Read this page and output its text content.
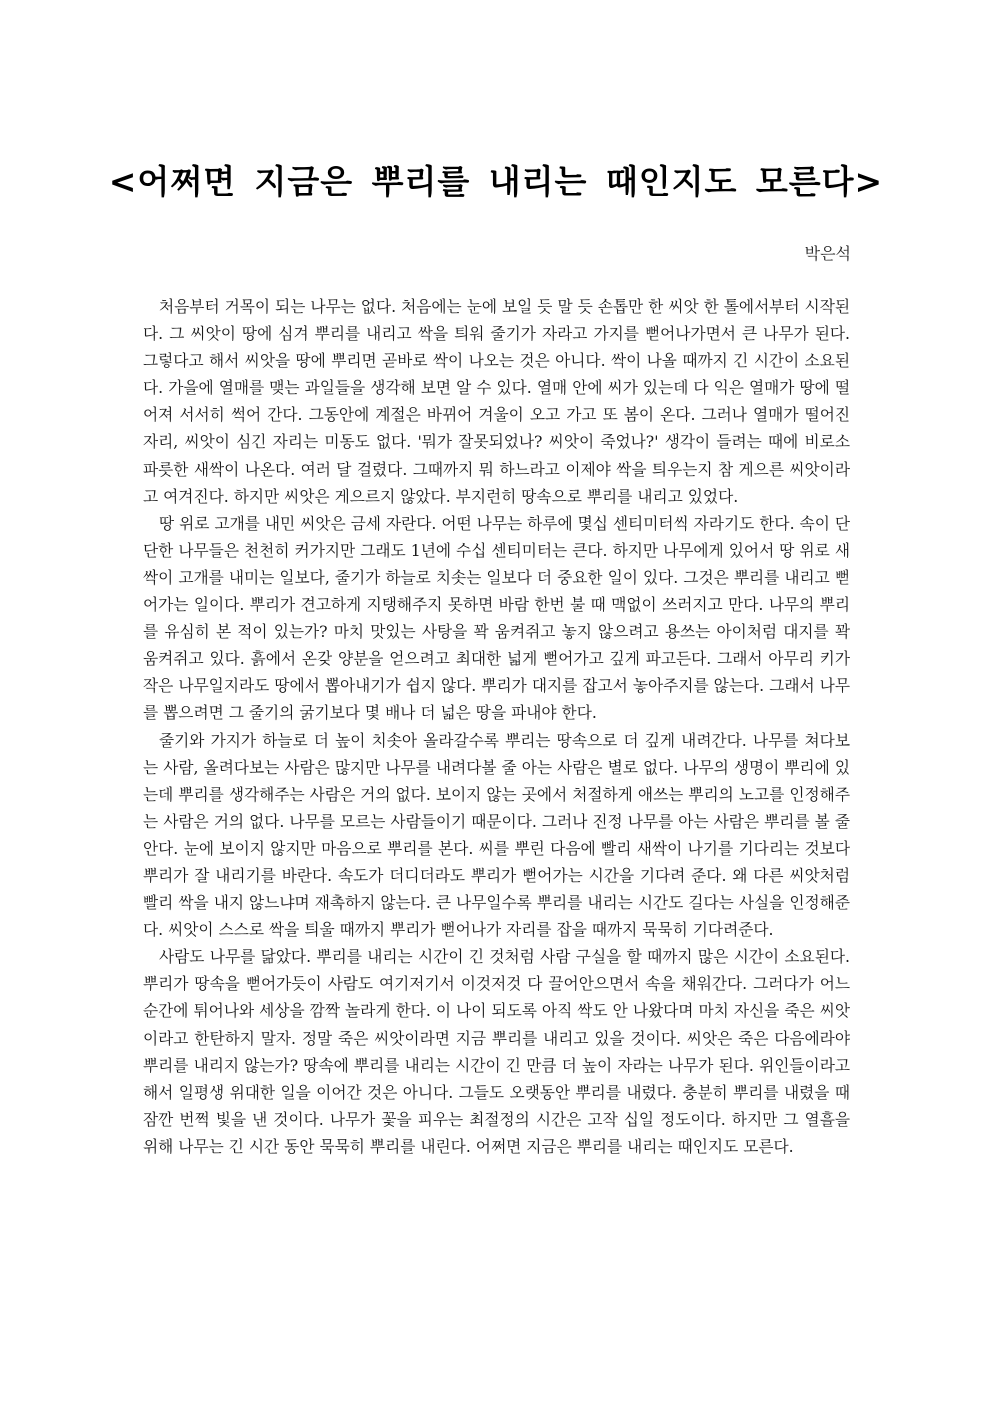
<어쩌면 지금은 뿌리를 내리는 때인지도 모른다>
박은석

처음부터 거목이 되는 나무는 없다. 처음에는 눈에 보일 듯 말 듯 손톱만 한 씨앗 한 톨에서부터 시작된다. 그 씨앗이 땅에 심겨 뿌리를 내리고 싹을 틔워 줄기가 자라고 가지를 뻗어나가면서 큰 나무가 된다. 그렇다고 해서 씨앗을 땅에 뿌리면 곧바로 싹이 나오는 것은 아니다. 싹이 나올 때까지 긴 시간이 소요된다. 가을에 열매를 맺는 과일들을 생각해 보면 알 수 있다. 열매 안에 씨가 있는데 다 익은 열매가 땅에 떨어져 서서히 썩어 간다. 그동안에 계절은 바뀌어 겨울이 오고 가고 또 봄이 온다. 그러나 열매가 떨어진 자리, 씨앗이 심긴 자리는 미동도 없다. '뭐가 잘못되었나? 씨앗이 죽었나?' 생각이 들려는 때에 비로소 파릇한 새싹이 나온다. 여러 달 걸렸다. 그때까지 뭐 하느라고 이제야 싹을 틔우는지 참 게으른 씨앗이라고 여겨진다. 하지만 씨앗은 게으르지 않았다. 부지런히 땅속으로 뿌리를 내리고 있었다.

땅 위로 고개를 내민 씨앗은 금세 자란다. 어떤 나무는 하루에 몇십 센티미터씩 자라기도 한다. 속이 단단한 나무들은 천천히 커가지만 그래도 1년에 수십 센티미터는 큰다. 하지만 나무에게 있어서 땅 위로 새싹이 고개를 내미는 일보다, 줄기가 하늘로 치솟는 일보다 더 중요한 일이 있다. 그것은 뿌리를 내리고 뻗어가는 일이다. 뿌리가 견고하게 지탱해주지 못하면 바람 한번 불 때 맥없이 쓰러지고 만다. 나무의 뿌리를 유심히 본 적이 있는가? 마치 맛있는 사탕을 꽉 움켜쥐고 놓지 않으려고 용쓰는 아이처럼 대지를 꽉 움켜쥐고 있다. 흙에서 온갖 양분을 얻으려고 최대한 넓게 뻗어가고 깊게 파고든다. 그래서 아무리 키가 작은 나무일지라도 땅에서 뽑아내기가 쉽지 않다. 뿌리가 대지를 잡고서 놓아주지를 않는다. 그래서 나무를 뽑으려면 그 줄기의 굵기보다 몇 배나 더 넓은 땅을 파내야 한다.

줄기와 가지가 하늘로 더 높이 치솟아 올라갈수록 뿌리는 땅속으로 더 깊게 내려간다. 나무를 쳐다보는 사람, 올려다보는 사람은 많지만 나무를 내려다볼 줄 아는 사람은 별로 없다. 나무의 생명이 뿌리에 있는데 뿌리를 생각해주는 사람은 거의 없다. 보이지 않는 곳에서 처절하게 애쓰는 뿌리의 노고를 인정해주는 사람은 거의 없다. 나무를 모르는 사람들이기 때문이다. 그러나 진정 나무를 아는 사람은 뿌리를 볼 줄 안다. 눈에 보이지 않지만 마음으로 뿌리를 본다. 씨를 뿌린 다음에 빨리 새싹이 나기를 기다리는 것보다 뿌리가 잘 내리기를 바란다. 속도가 더디더라도 뿌리가 뻗어가는 시간을 기다려 준다. 왜 다른 씨앗처럼 빨리 싹을 내지 않느냐며 재촉하지 않는다. 큰 나무일수록 뿌리를 내리는 시간도 길다는 사실을 인정해준다. 씨앗이 스스로 싹을 틔울 때까지 뿌리가 뻗어나가 자리를 잡을 때까지 묵묵히 기다려준다.

사람도 나무를 닮았다. 뿌리를 내리는 시간이 긴 것처럼 사람 구실을 할 때까지 많은 시간이 소요된다. 뿌리가 땅속을 뻗어가듯이 사람도 여기저기서 이것저것 다 끌어안으면서 속을 채워간다. 그러다가 어느 순간에 튀어나와 세상을 깜짝 놀라게 한다. 이 나이 되도록 아직 싹도 안 나왔다며 마치 자신을 죽은 씨앗이라고 한탄하지 말자. 정말 죽은 씨앗이라면 지금 뿌리를 내리고 있을 것이다. 씨앗은 죽은 다음에라야 뿌리를 내리지 않는가? 땅속에 뿌리를 내리는 시간이 긴 만큼 더 높이 자라는 나무가 된다. 위인들이라고 해서 일평생 위대한 일을 이어간 것은 아니다. 그들도 오랫동안 뿌리를 내렸다. 충분히 뿌리를 내렸을 때 잠깐 번쩍 빛을 낸 것이다. 나무가 꽃을 피우는 최절정의 시간은 고작 십일 정도이다. 하지만 그 열흘을 위해 나무는 긴 시간 동안 묵묵히 뿌리를 내린다. 어쩌면 지금은 뿌리를 내리는 때인지도 모른다.
